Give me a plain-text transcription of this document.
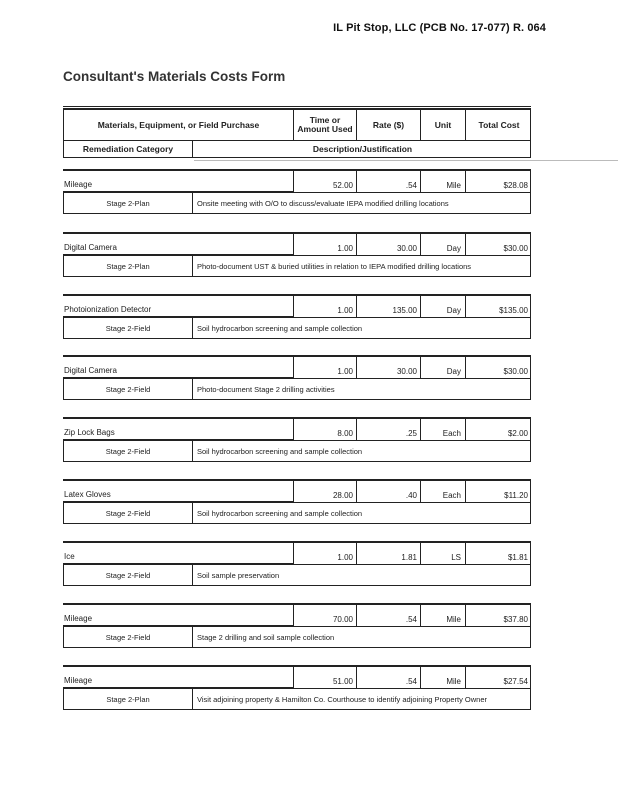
IL Pit Stop, LLC (PCB No. 17-077) R. 064
Consultant's Materials Costs Form
Materials, Equipment, or Field Purchase	Time or Amount Used	Rate ($)	Unit	Total Cost
Remediation Category	Description/Justification
Mileage	52.00	.54	Mile	$28.08
Stage 2-Plan	Onsite meeting with O/O to discuss/evaluate IEPA modified drilling locations
Digital Camera	1.00	30.00	Day	$30.00
Stage 2-Plan	Photo-document UST & buried utilities in relation to IEPA modified drilling locations
Photoionization Detector	1.00	135.00	Day	$135.00
Stage 2-Field	Soil hydrocarbon screening and sample collection
Digital Camera	1.00	30.00	Day	$30.00
Stage 2-Field	Photo-document Stage 2 drilling activities
Zip Lock Bags	8.00	.25	Each	$2.00
Stage 2-Field	Soil hydrocarbon screening and sample collection
Latex Gloves	28.00	.40	Each	$11.20
Stage 2-Field	Soil hydrocarbon screening and sample collection
Ice	1.00	1.81	LS	$1.81
Stage 2-Field	Soil sample preservation
Mileage	70.00	.54	Mile	$37.80
Stage 2-Field	Stage 2 drilling and soil sample collection
Mileage	51.00	.54	Mile	$27.54
Stage 2-Plan	Visit adjoining property & Hamilton Co. Courthouse to identify adjoining Property Owner
